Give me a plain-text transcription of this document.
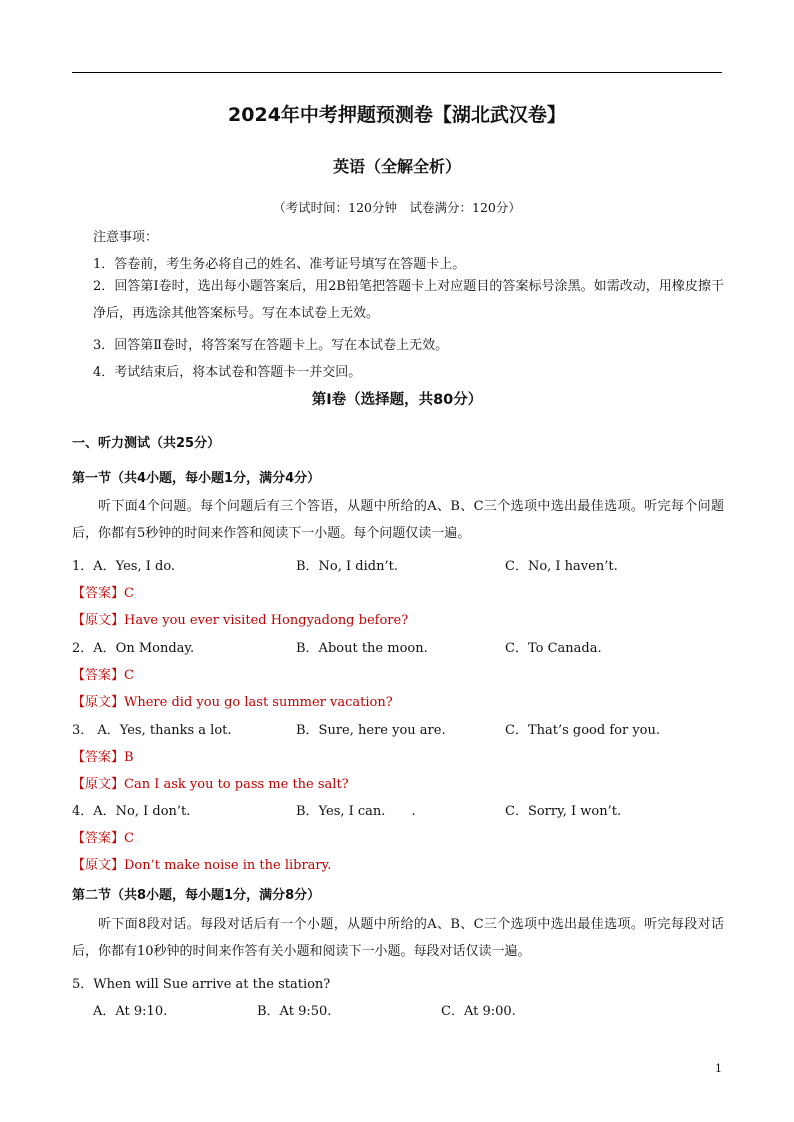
2024年中考押题预测卷【湖北武汉卷】
英语（全解全析）
（考试时间：120分钟　试卷满分：120分）
注意事项：
1．答卷前，考生务必将自己的姓名、准考证号填写在答题卡上。
2．回答第Ⅰ卷时，选出每小题答案后，用2B铅笔把答题卡上对应题目的答案标号涂黑。如需改动，用橡皮擦干净后，再选涂其他答案标号。写在本试卷上无效。
3．回答第Ⅱ卷时，将答案写在答题卡上。写在本试卷上无效。
4．考试结束后，将本试卷和答题卡一并交回。
第Ⅰ卷（选择题，共80分）
一、听力测试（共25分）
第一节（共4小题，每小题1分，满分4分）
听下面4个问题。每个问题后有三个答语，从题中所给的A、B、C三个选项中选出最佳选项。听完每个问题后，你都有5秒钟的时间来作答和阅读下一小题。每个问题仅读一遍。
1．A．Yes, I do.	B．No, I didn’t.	C．No, I haven’t.
【答案】C
【原文】Have you ever visited Hongyadong before?
2．A．On Monday.	B．About the moon.	C．To Canada.
【答案】C
【原文】Where did you go last summer vacation?
3． A．Yes, thanks a lot.	B．Sure, here you are.	C．That’s good for you.
【答案】B
【原文】Can I ask you to pass me the salt?
4．A．No, I don’t.	B．Yes, I can.　　.	C．Sorry, I won’t.
【答案】C
【原文】Don’t make noise in the library.
第二节（共8小题，每小题1分，满分8分）
听下面8段对话。每段对话后有一个小题，从题中所给的A、B、C三个选项中选出最佳选项。听完每段对话后，你都有10秒钟的时间来作答有关小题和阅读下一小题。每段对话仅读一遍。
5．When will Sue arrive at the station?
A．At 9:10.	B．At 9:50.	C．At 9:00.
1
